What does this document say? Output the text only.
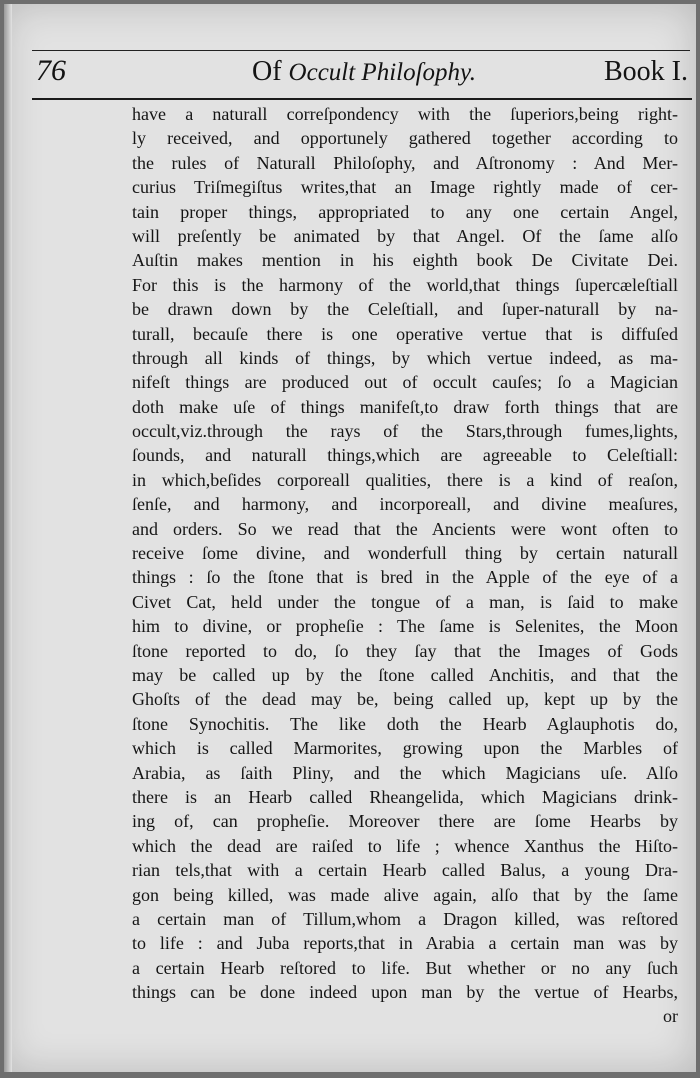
76	Of Occult Philoſophy.	Book I.
have a naturall correſpondency with the ſuperiors,being right-
ly received, and opportunely gathered together according to
the rules of Naturall Philoſophy, and Aſtronomy : And Mer-
curius Triſmegiſtus writes,that an Image rightly made of cer-
tain proper things, appropriated to any one certain Angel,
will preſently be animated by that Angel. Of the ſame alſo
Auſtin makes mention in his eighth book De Civitate Dei.
For this is the harmony of the world,that things ſupercæleſtiall
be drawn down by the Celeſtiall, and ſuper-naturall by na-
turall, becauſe there is one operative vertue that is diffuſed
through all kinds of things, by which vertue indeed, as ma-
nifeſt things are produced out of occult cauſes; ſo a Magician
doth make uſe of things manifeſt,to draw forth things that are
occult,viz.through the rays of the Stars,through fumes,lights,
ſounds, and naturall things,which are agreeable to Celeſtiall:
in which,beſides corporeall qualities, there is a kind of reaſon,
ſenſe, and harmony, and incorporeall, and divine meaſures,
and orders. So we read that the Ancients were wont often to
receive ſome divine, and wonderfull thing by certain naturall
things : ſo the ſtone that is bred in the Apple of the eye of a
Civet Cat, held under the tongue of a man, is ſaid to make
him to divine, or propheſie : The ſame is Selenites, the Moon
ſtone reported to do, ſo they ſay that the Images of Gods
may be called up by the ſtone called Anchitis, and that the
Ghoſts of the dead may be, being called up, kept up by the
ſtone Synochitis. The like doth the Hearb Aglauphotis do,
which is called Marmorites, growing upon the Marbles of
Arabia, as ſaith Pliny, and the which Magicians uſe. Alſo
there is an Hearb called Rheangelida, which Magicians drink-
ing of, can propheſie. Moreover there are ſome Hearbs by
which the dead are raiſed to life ; whence Xanthus the Hiſto-
rian tels,that with a certain Hearb called Balus, a young Dra-
gon being killed, was made alive again, alſo that by the ſame
a certain man of Tillum,whom a Dragon killed, was reſtored
to life : and Juba reports,that in Arabia a certain man was by
a certain Hearb reſtored to life. But whether or no any ſuch
things can be done indeed upon man by the vertue of Hearbs,
or
